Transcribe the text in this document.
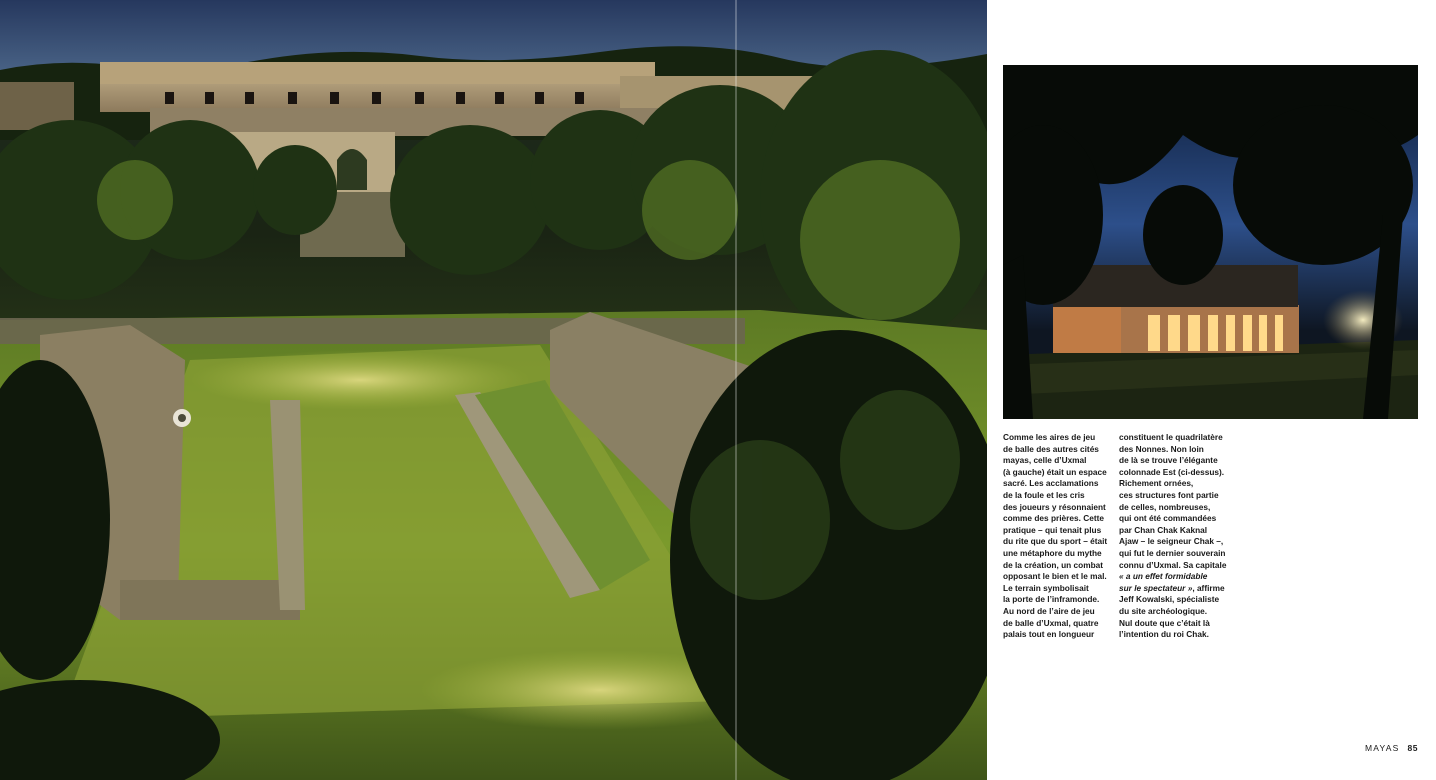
Comme les aires de jeu
de balle des autres cités
mayas, celle d’Uxmal
(à gauche) était un espace
sacré. Les acclamations
de la foule et les cris
des joueurs y résonnaient
comme des prières. Cette
pratique – qui tenait plus
du rite que du sport – était
une métaphore du mythe
de la création, un combat
opposant le bien et le mal.
Le terrain symbolisait
la porte de l’inframonde.
Au nord de l’aire de jeu
de balle d’Uxmal, quatre
palais tout en longueur
constituent le quadrilatère
des Nonnes. Non loin
de là se trouve l’élégante
colonnade Est (ci-dessus).
Richement ornées,
ces structures font partie
de celles, nombreuses,
qui ont été commandées
par Chan Chak Kaknal
Ajaw – le seigneur Chak –,
qui fut le dernier souverain
connu d’Uxmal. Sa capitale
« a un effet formidable
sur le spectateur », affirme
Jeff Kowalski, spécialiste
du site archéologique.
Nul doute que c’était là
l’intention du roi Chak.
MAYAS 85
